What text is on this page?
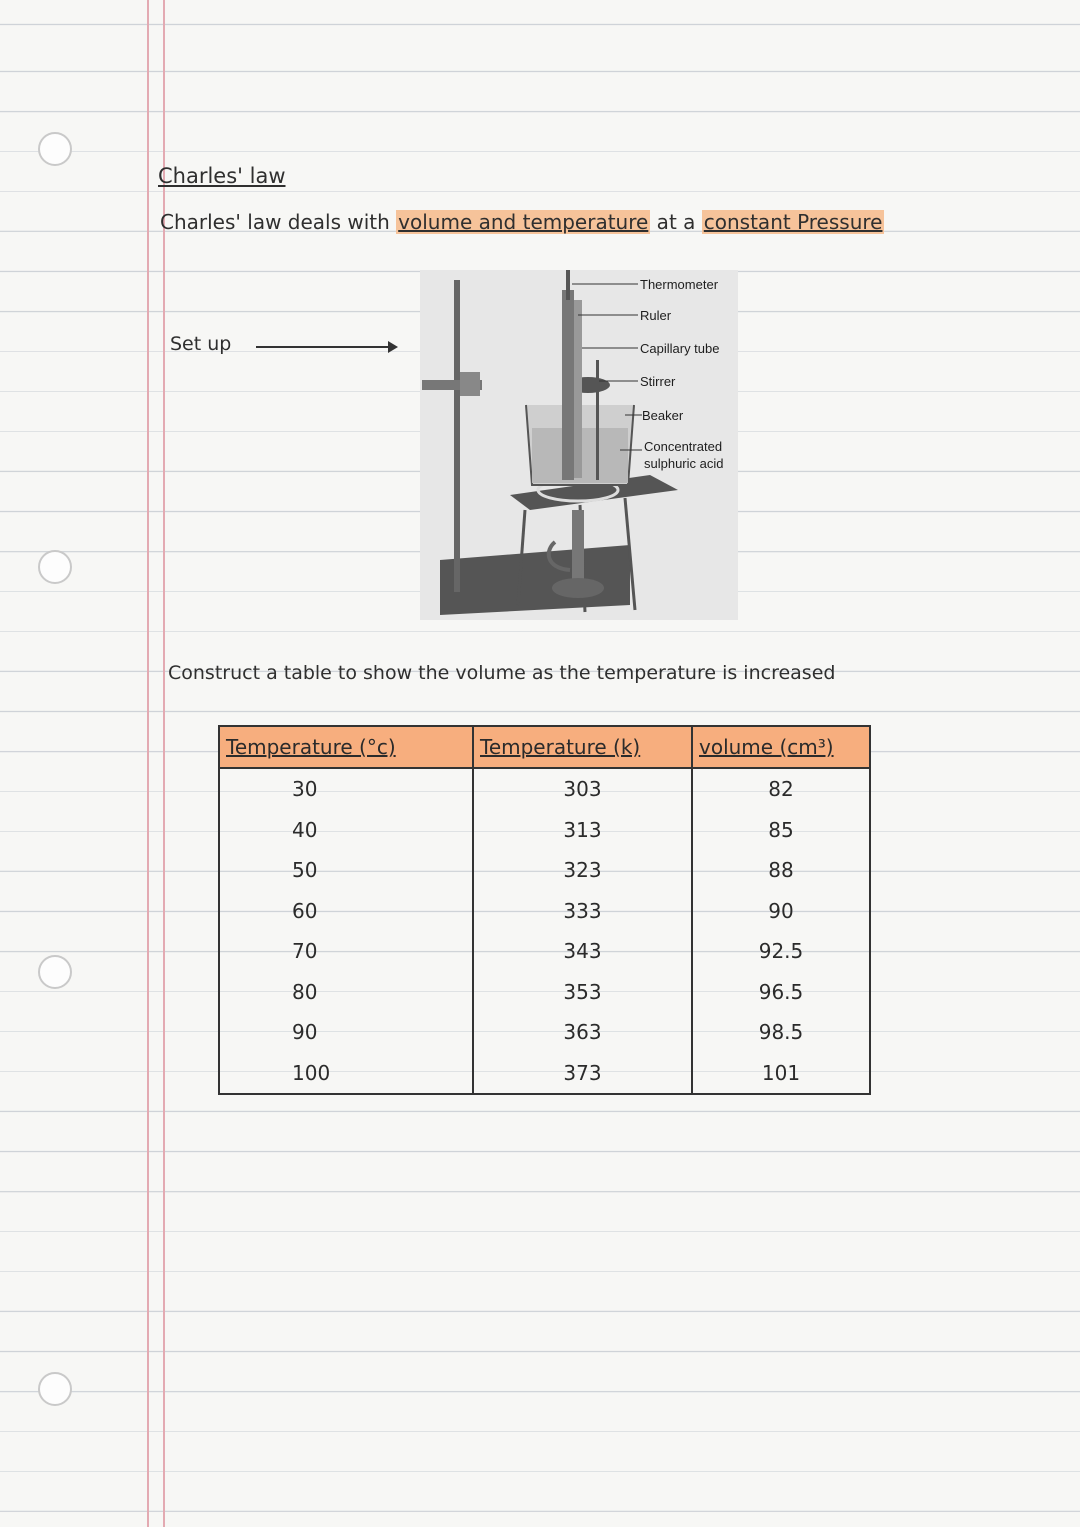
Charles' law
Charles' law deals with volume and temperature at a constant Pressure
Set up
Thermometer
Ruler
Capillary tube
Stirrer
Beaker
Concentrated
sulphuric acid
Construct a table to show the volume as the temperature is increased
Temperature (°c)	Temperature (k)	volume (cm³)
30	303	82
40	313	85
50	323	88
60	333	90
70	343	92.5
80	353	96.5
90	363	98.5
100	373	101
